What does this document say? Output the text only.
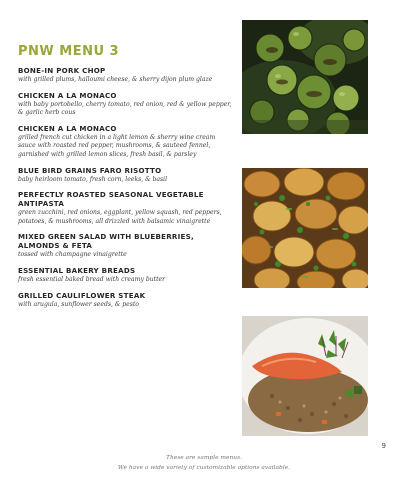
PNW MENU 3
BONE-IN PORK CHOP
with grilled plums, halloumi cheese, & sherry dijon plum glaze
CHICKEN A LA MONACO
with baby portobello, cherry tomato, red onion, red & yellow pepper, & garlic herb cous
CHICKEN A LA MONACO
grilled french cut chicken in a light lemon & sherry wine cream sauce with roasted red pepper, mushrooms, & sauteed fennel, garnished with grilled lemon slices, fresh basil, & parsley
BLUE BIRD GRAINS FARO RISOTTO
baby heirloom tomato, fresh corn, leeks, & basil
PERFECTLY ROASTED SEASONAL VEGETABLE ANTIPASTA
green zucchini, red onions, eggplant, yellow squash, red peppers, potatoes, & mushrooms, all drizzled with balsamic vinaigrette
MIXED GREEN SALAD WITH BLUEBERRIES, ALMONDS & FETA
tossed with champagne vinaigrette
ESSENTIAL BAKERY BREADS
fresh essential baked bread with creamy butter
GRILLED CAULIFLOWER STEAK
with arugula, sunflower seeds, & pesto
9
These are sample menus.
We have a wide variety of customizable options available.
